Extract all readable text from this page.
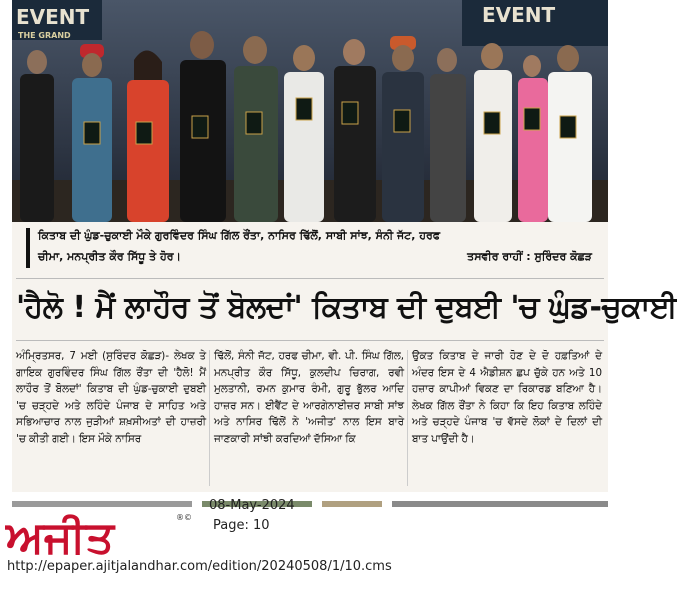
EVENT
THE GRAND
EVENT
ਕਿਤਾਬ ਦੀ ਘੁੰਡ-ਚੁਕਾਈ ਮੌਕੇ ਗੁਰਵਿੰਦਰ ਸਿੰਘ ਗਿੱਲ ਰੌਂਤਾ, ਨਾਸਿਰ ਢਿੱਲੋਂ, ਸਾਬੀ ਸਾਂਝ, ਸੰਨੀ ਜੱਟ, ਹਰਫ
ਚੀਮਾ, ਮਨਪ੍ਰੀਤ ਕੌਰ ਸਿੱਧੂ ਤੇ ਹੋਰ।	ਤਸਵੀਰ ਰਾਹੀਂ : ਸੁਰਿੰਦਰ ਕੋਛੜ
'ਹੈਲੋ ! ਮੈਂ ਲਾਹੌਰ ਤੋਂ ਬੋਲਦਾਂ' ਕਿਤਾਬ ਦੀ ਦੁਬਈ 'ਚ ਘੁੰਡ-ਚੁਕਾਈ

ਅੰਮ੍ਰਿਤਸਰ, 7 ਮਈ (ਸੁਰਿੰਦਰ ਕੋਛੜ)- ਲੇਖਕ ਤੇ ਗਾਇਕ ਗੁਰਵਿੰਦਰ ਸਿੰਘ ਗਿੱਲ ਰੌਂਤਾ ਦੀ 'ਹੈਲੋ! ਮੈਂ ਲਾਹੌਰ ਤੋਂ ਬੋਲਦਾਂ' ਕਿਤਾਬ ਦੀ ਘੁੰਡ-ਚੁਕਾਈ ਦੁਬਈ 'ਚ ਚੜ੍ਹਦੇ ਅਤੇ ਲਹਿੰਦੇ ਪੰਜਾਬ ਦੇ ਸਾਹਿਤ ਅਤੇ ਸਭਿਆਚਾਰ ਨਾਲ ਜੁੜੀਆਂ ਸ਼ਖ਼ਸੀਅਤਾਂ ਦੀ ਹਾਜ਼ਰੀ 'ਚ ਕੀਤੀ ਗਈ। ਇਸ ਮੌਕੇ ਨਾਸਿਰ

ਢਿੱਲੋਂ, ਸੰਨੀ ਜੱਟ, ਹਰਫ ਚੀਮਾ, ਵੀ. ਪੀ. ਸਿੰਘ ਗਿੱਲ, ਮਨਪ੍ਰੀਤ ਕੌਰ ਸਿੱਧੂ, ਕੁਲਦੀਪ ਚਿਰਾਗ, ਰਵੀ ਮੁਲਤਾਨੀ, ਰਮਨ ਕੁਮਾਰ ਰੰਮੀ, ਗੁਰੂ ਭੁੱਲਰ ਆਦਿ ਹਾਜ਼ਰ ਸਨ। ਈਵੈਂਟ ਦੇ ਆਰਗੇਨਾਈਜ਼ਰ ਸਾਬੀ ਸਾਂਝ ਅਤੇ ਨਾਸਿਰ ਢਿੱਲੋਂ ਨੇ 'ਅਜੀਤ' ਨਾਲ ਇਸ ਬਾਰੇ ਜਾਣਕਾਰੀ ਸਾਂਝੀ ਕਰਦਿਆਂ ਦੱਸਿਆ ਕਿ

ਉਕਤ ਕਿਤਾਬ ਦੇ ਜਾਰੀ ਹੋਣ ਦੇ ਦੋ ਹਫ਼ਤਿਆਂ ਦੇ ਅੰਦਰ ਇਸ ਦੇ 4 ਐਡੀਸ਼ਨ ਛਪ ਚੁੱਕੇ ਹਨ ਅਤੇ 10 ਹਜ਼ਾਰ ਕਾਪੀਆਂ ਵਿਕਣ ਦਾ ਰਿਕਾਰਡ ਬਣਿਆ ਹੈ। ਲੇਖਕ ਗਿੱਲ ਰੌਂਤਾ ਨੇ ਕਿਹਾ ਕਿ ਇਹ ਕਿਤਾਬ ਲਹਿੰਦੇ ਅਤੇ ਚੜ੍ਹਦੇ ਪੰਜਾਬ 'ਚ ਵੱਸਦੇ ਲੋਕਾਂ ਦੇ ਦਿਲਾਂ ਦੀ ਬਾਤ ਪਾਉਂਦੀ ਹੈ।

ਅਜੀਤ	®©
08-May-2024
Page: 10
http://epaper.ajitjalandhar.com/edition/20240508/1/10.cms
